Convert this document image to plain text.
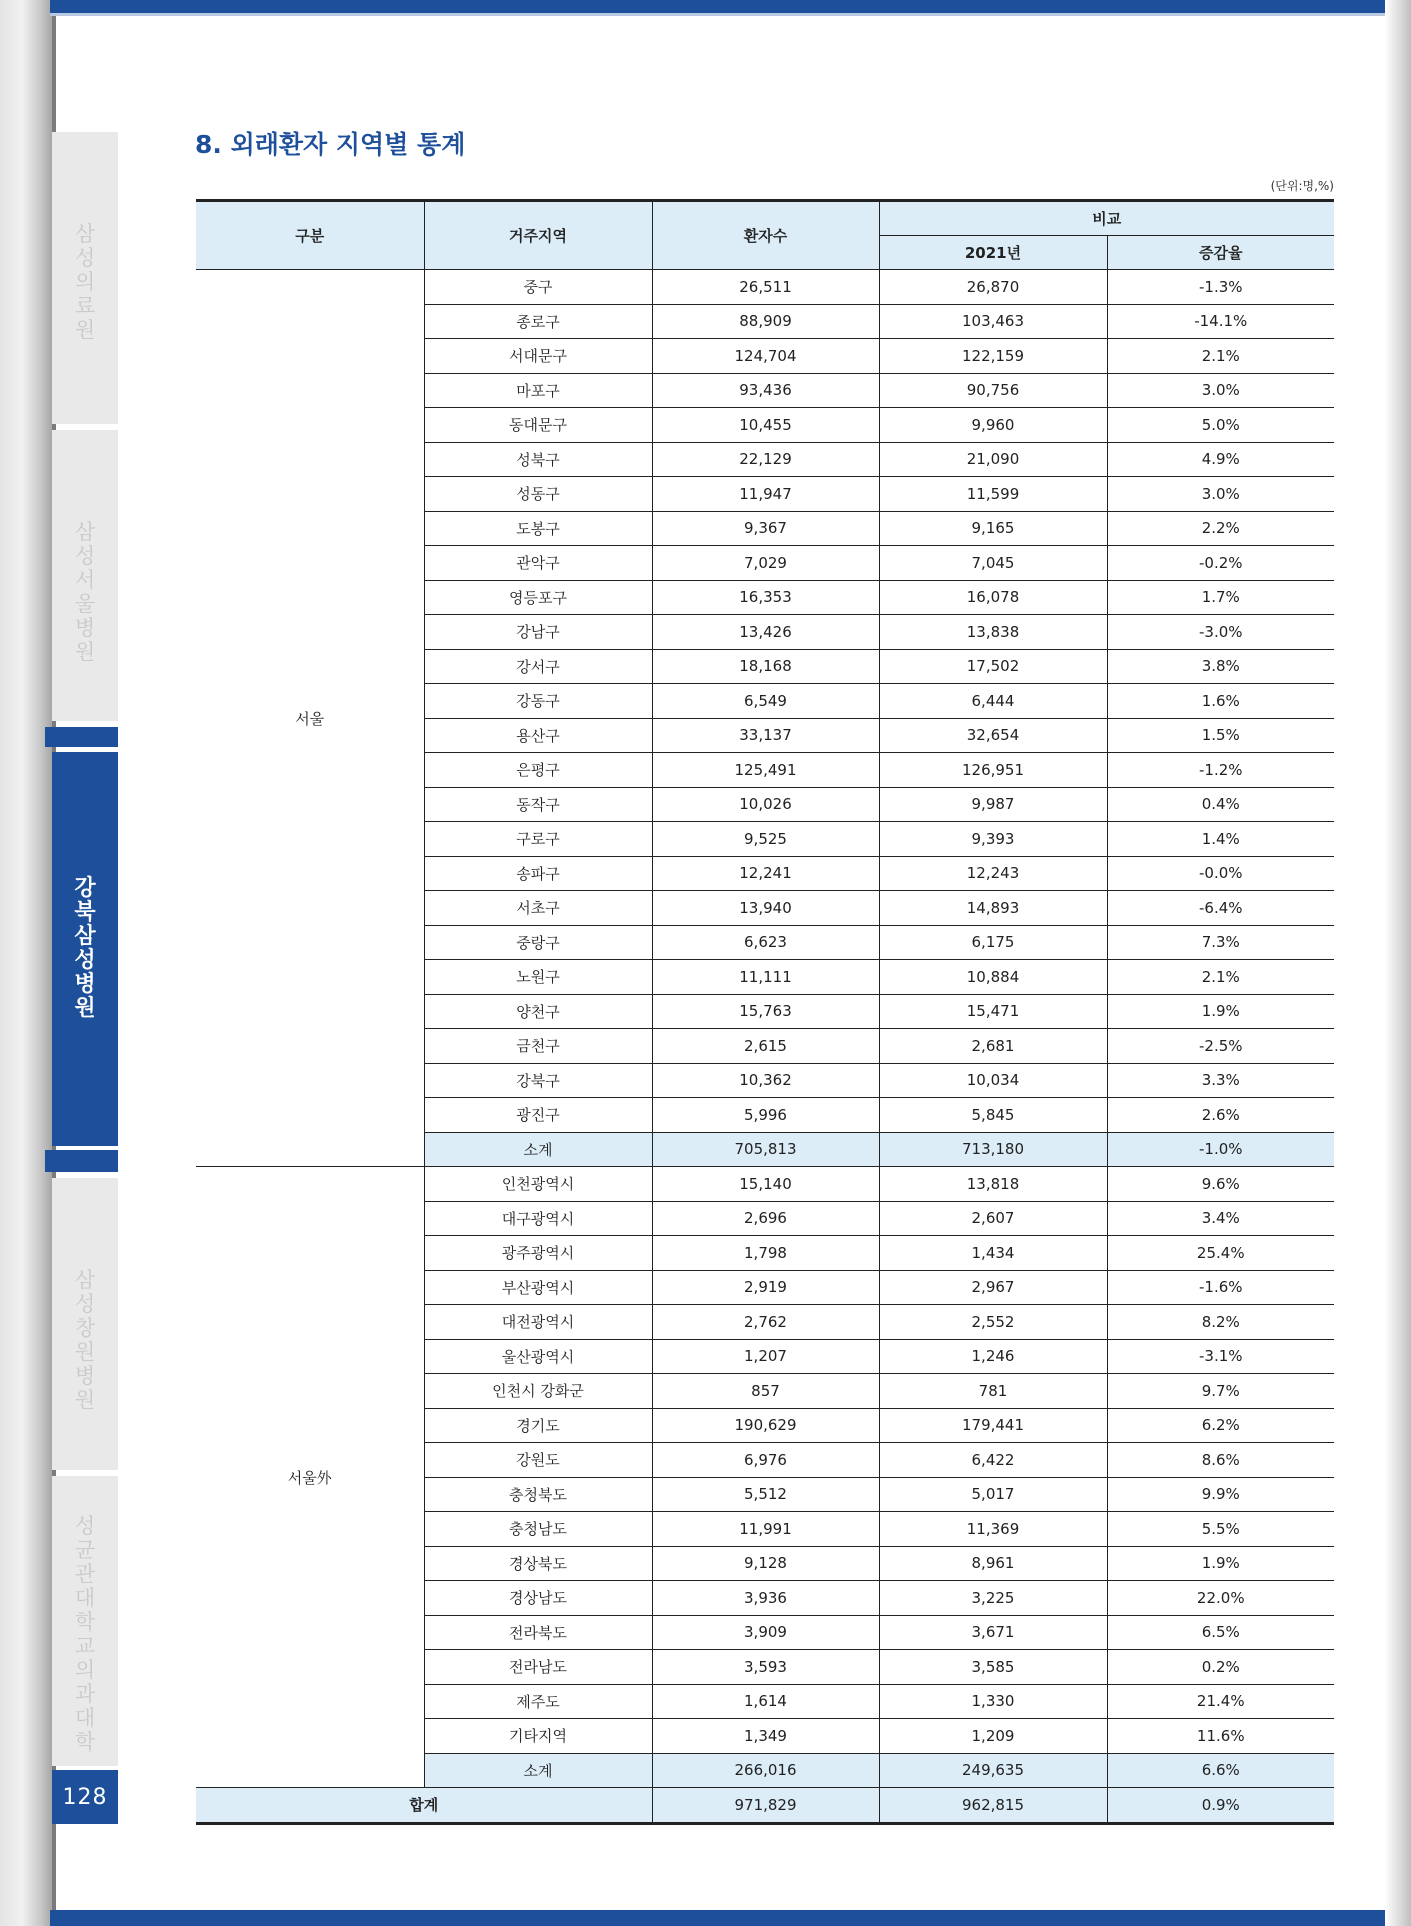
삼성의료원
삼성서울병원
강북삼성병원
삼성창원병원
성균관대학교 의과대학
128
8. 외래환자 지역별 통계
(단위:명,%)
구분	거주지역	환자수	비교	
			2021년	증감율
서울	중구	26,511	26,870	-1.3%
	종로구	88,909	103,463	-14.1%
	서대문구	124,704	122,159	2.1%
	마포구	93,436	90,756	3.0%
	동대문구	10,455	9,960	5.0%
	성북구	22,129	21,090	4.9%
	성동구	11,947	11,599	3.0%
	도봉구	9,367	9,165	2.2%
	관악구	7,029	7,045	-0.2%
	영등포구	16,353	16,078	1.7%
	강남구	13,426	13,838	-3.0%
	강서구	18,168	17,502	3.8%
	강동구	6,549	6,444	1.6%
	용산구	33,137	32,654	1.5%
	은평구	125,491	126,951	-1.2%
	동작구	10,026	9,987	0.4%
	구로구	9,525	9,393	1.4%
	송파구	12,241	12,243	-0.0%
	서초구	13,940	14,893	-6.4%
	중랑구	6,623	6,175	7.3%
	노원구	11,111	10,884	2.1%
	양천구	15,763	15,471	1.9%
	금천구	2,615	2,681	-2.5%
	강북구	10,362	10,034	3.3%
	광진구	5,996	5,845	2.6%
	소계	705,813	713,180	-1.0%
서울外	인천광역시	15,140	13,818	9.6%
	대구광역시	2,696	2,607	3.4%
	광주광역시	1,798	1,434	25.4%
	부산광역시	2,919	2,967	-1.6%
	대전광역시	2,762	2,552	8.2%
	울산광역시	1,207	1,246	-3.1%
	인천시 강화군	857	781	9.7%
	경기도	190,629	179,441	6.2%
	강원도	6,976	6,422	8.6%
	충청북도	5,512	5,017	9.9%
	충청남도	11,991	11,369	5.5%
	경상북도	9,128	8,961	1.9%
	경상남도	3,936	3,225	22.0%
	전라북도	3,909	3,671	6.5%
	전라남도	3,593	3,585	0.2%
	제주도	1,614	1,330	21.4%
	기타지역	1,349	1,209	11.6%
	소계	266,016	249,635	6.6%
합계		971,829	962,815	0.9%
